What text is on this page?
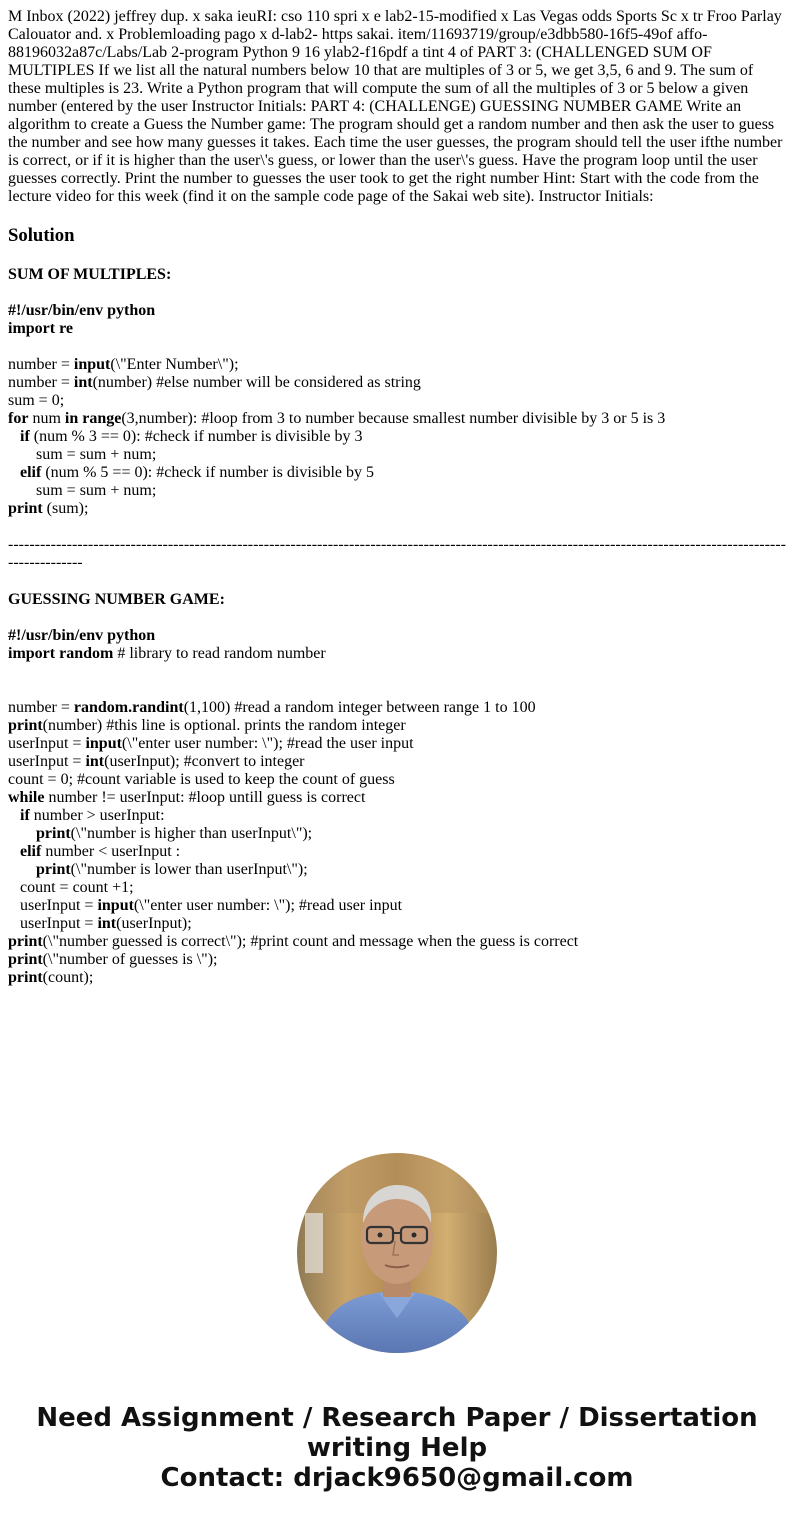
M Inbox (2022) jeffrey dup. x saka ieuRI: cso 110 spri x e lab2-15-modified x Las Vegas odds Sports Sc x tr Froo Parlay Calouator and. x Problemloading pago x d-lab2- https sakai. item/11693719/group/e3dbb580-16f5-49of affo-88196032a87c/Labs/Lab 2-program Python 9 16 ylab2-f16pdf a tint 4 of PART 3: (CHALLENGED SUM OF MULTIPLES If we list all the natural numbers below 10 that are multiples of 3 or 5, we get 3,5, 6 and 9. The sum of these multiples is 23. Write a Python program that will compute the sum of all the multiples of 3 or 5 below a given number (entered by the user Instructor Initials: PART 4: (CHALLENGE) GUESSING NUMBER GAME Write an algorithm to create a Guess the Number game: The program should get a random number and then ask the user to guess the number and see how many guesses it takes. Each time the user guesses, the program should tell the user ifthe number is correct, or if it is higher than the user\'s guess, or lower than the user\'s guess. Have the program loop until the user guesses correctly. Print the number to guesses the user took to get the right number Hint: Start with the code from the lecture video for this week (find it on the sample code page of the Sakai web site). Instructor Initials:

Solution
SUM OF MULTIPLES:
#!/usr/bin/env python
import re
number = input(\"Enter Number\");
number = int(number) #else number will be considered as string
sum = 0;
for num in range(3,number): #loop from 3 to number because smallest number divisible by 3 or 5 is 3
if (num % 3 == 0): #check if number is divisible by 3
sum = sum + num;
elif (num % 5 == 0): #check if number is divisible by 5
sum = sum + num;
print (sum);
----------------------------------------------------------------------------------------------------------------------------------------------------------------
GUESSING NUMBER GAME:
#!/usr/bin/env python
import random # library to read random number
number = random.randint(1,100) #read a random integer between range 1 to 100
print(number) #this line is optional. prints the random integer
userInput = input(\"enter user number: \"); #read the user input
userInput = int(userInput); #convert to integer
count = 0; #count variable is used to keep the count of guess
while number != userInput: #loop untill guess is correct
if number > userInput:
print(\"number is higher than userInput\");
elif number < userInput :
print(\"number is lower than userInput\");
count = count +1;
userInput = input(\"enter user number: \"); #read user input
userInput = int(userInput);
print(\"number guessed is correct\"); #print count and message when the guess is correct
print(\"number of guesses is \");
print(count);
Need Assignment / Research Paper / Dissertation writing Help
Contact: drjack9650@gmail.com
